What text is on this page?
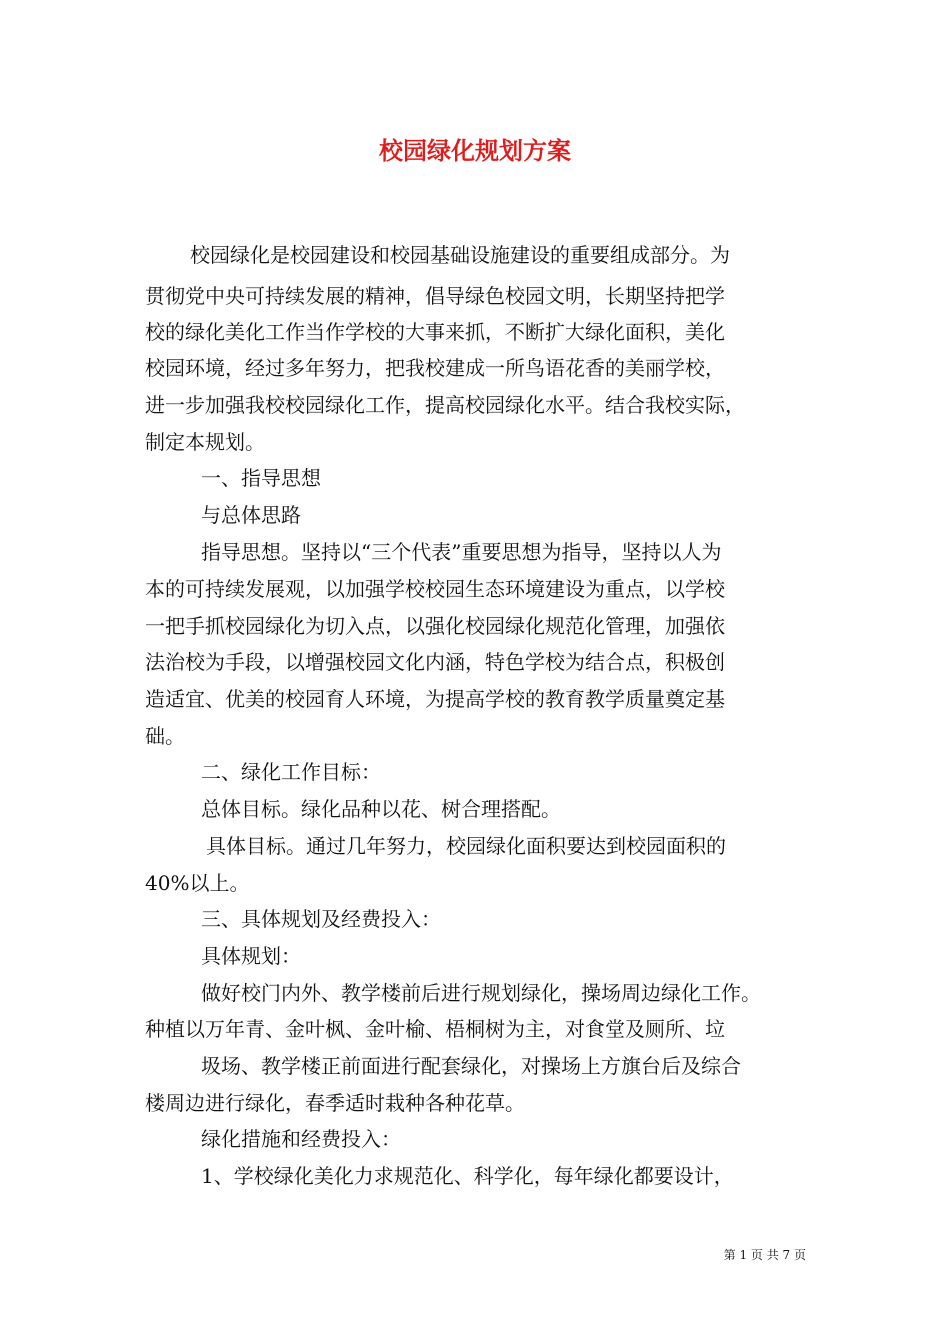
校园绿化规划方案
校园绿化是校园建设和校园基础设施建设的重要组成部分。为
贯彻党中央可持续发展的精神，倡导绿色校园文明，长期坚持把学
校的绿化美化工作当作学校的大事来抓，不断扩大绿化面积，美化
校园环境，经过多年努力，把我校建成一所鸟语花香的美丽学校，
进一步加强我校校园绿化工作，提高校园绿化水平。结合我校实际，
制定本规划。
一、指导思想
与总体思路
指导思想。坚持以“三个代表”重要思想为指导，坚持以人为
本的可持续发展观，以加强学校校园生态环境建设为重点，以学校
一把手抓校园绿化为切入点，以强化校园绿化规范化管理，加强依
法治校为手段，以增强校园文化内涵，特色学校为结合点，积极创
造适宜、优美的校园育人环境，为提高学校的教育教学质量奠定基
础。
二、绿化工作目标：
总体目标。绿化品种以花、树合理搭配。
具体目标。通过几年努力，校园绿化面积要达到校园面积的
40%以上。
三、具体规划及经费投入：
具体规划：
做好校门内外、教学楼前后进行规划绿化，操场周边绿化工作。
种植以万年青、金叶枫、金叶榆、梧桐树为主，对食堂及厕所、垃
圾场、教学楼正前面进行配套绿化，对操场上方旗台后及综合
楼周边进行绿化，春季适时栽种各种花草。
绿化措施和经费投入：
1、学校绿化美化力求规范化、科学化，每年绿化都要设计，
第 1 页 共 7 页
